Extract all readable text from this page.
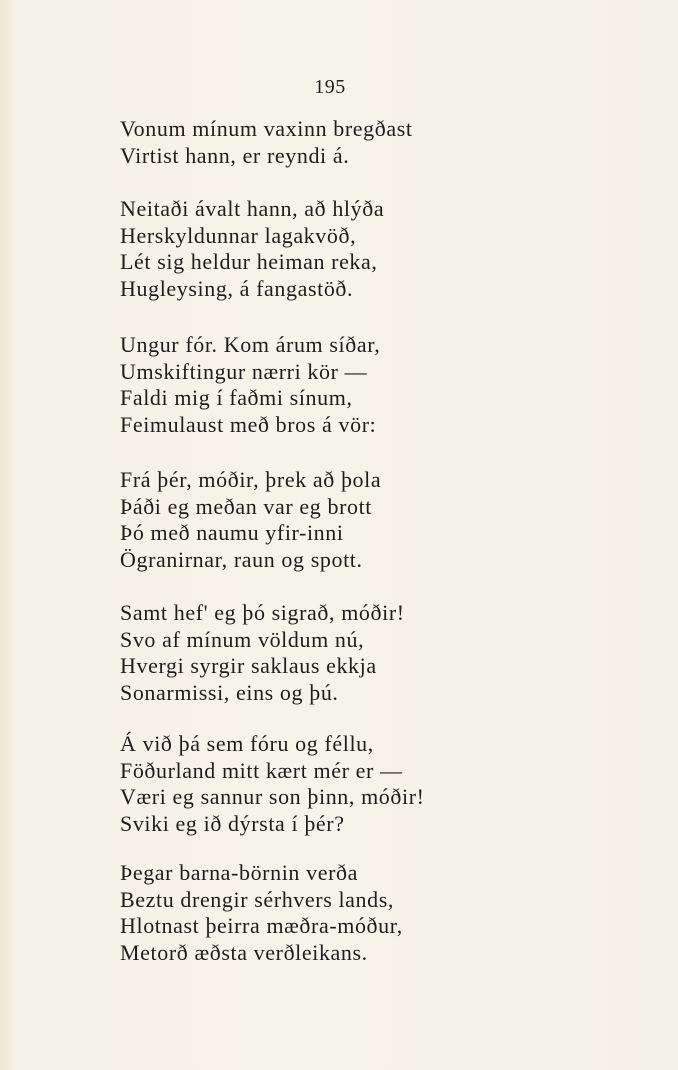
195
Vonum mínum vaxinn bregðast
Virtist hann, er reyndi á.
Neitaði ávalt hann, að hlýða
Herskyldunnar lagakvöð,
Lét sig heldur heiman reka,
Hugleysing, á fangastöð.
Ungur fór. Kom árum síðar,
Umskiftingur nærri kör —
Faldi mig í faðmi sínum,
Feimulaust með bros á vör:
Frá þér, móðir, þrek að þola
Þáði eg meðan var eg brott
Þó með naumu yfir-inni
Ögranirnar, raun og spott.
Samt hef' eg þó sigrað, móðir!
Svo af mínum völdum nú,
Hvergi syrgir saklaus ekkja
Sonarmissi, eins og þú.
Á við þá sem fóru og féllu,
Föðurland mitt kært mér er —
Væri eg sannur son þinn, móðir!
Sviki eg ið dýrsta í þér?
Þegar barna-börnin verða
Beztu drengir sérhvers lands,
Hlotnast þeirra mæðra-móður,
Metorð æðsta verðleikans.
